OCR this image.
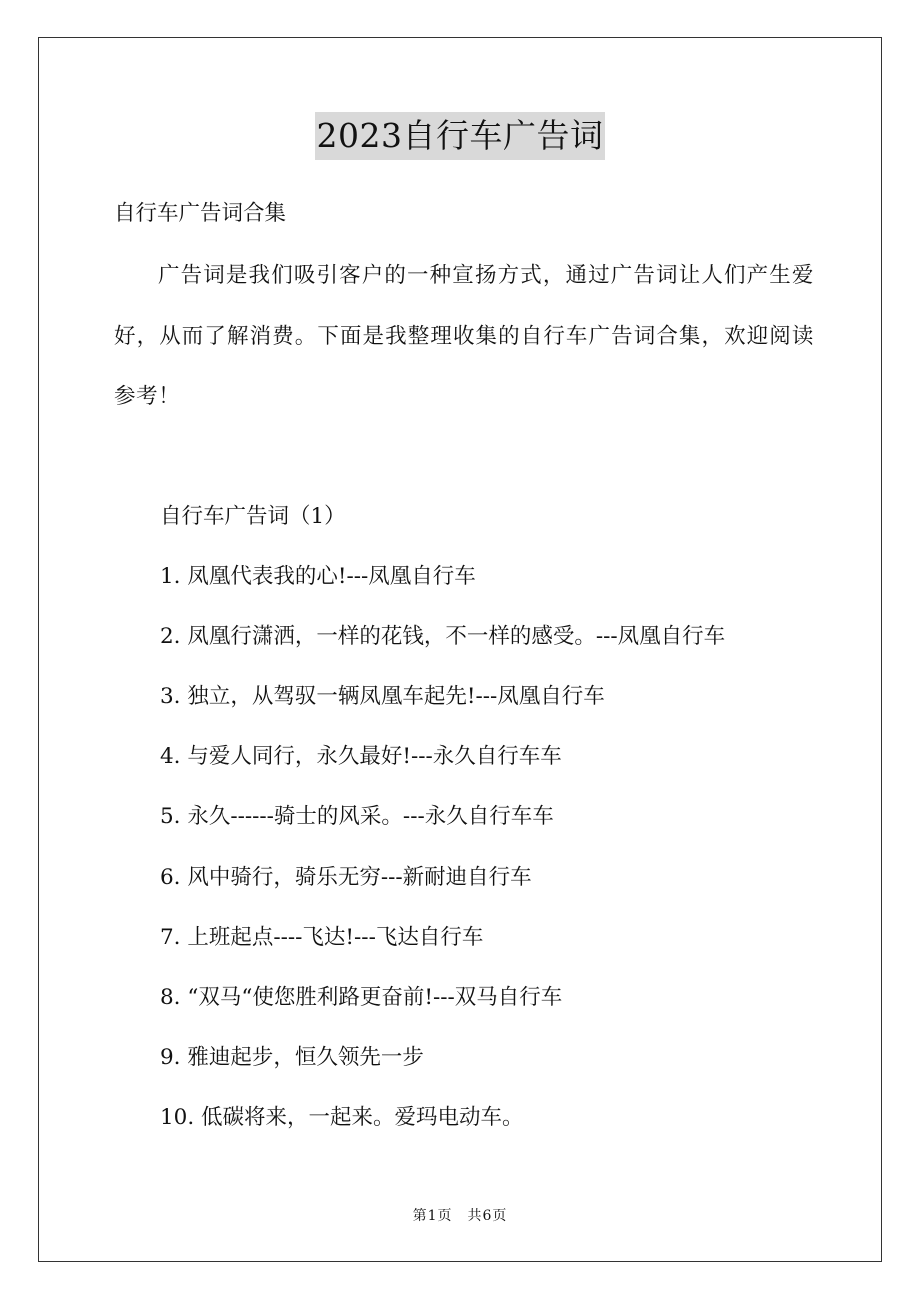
2023自行车广告词
自行车广告词合集
广告词是我们吸引客户的一种宣扬方式，通过广告词让人们产生爱好，从而了解消费。下面是我整理收集的自行车广告词合集，欢迎阅读参考！
自行车广告词（1）
1. 凤凰代表我的心!---凤凰自行车
2. 凤凰行潇洒，一样的花钱，不一样的感受。---凤凰自行车
3. 独立，从驾驭一辆凤凰车起先!---凤凰自行车
4. 与爱人同行，永久最好!---永久自行车车
5. 永久------骑士的风采。---永久自行车车
6. 风中骑行，骑乐无穷---新耐迪自行车
7. 上班起点----飞达!---飞达自行车
8. “双马“使您胜利路更奋前!---双马自行车
9. 雅迪起步，恒久领先一步
10. 低碳将来，一起来。爱玛电动车。
第1页　共6页
